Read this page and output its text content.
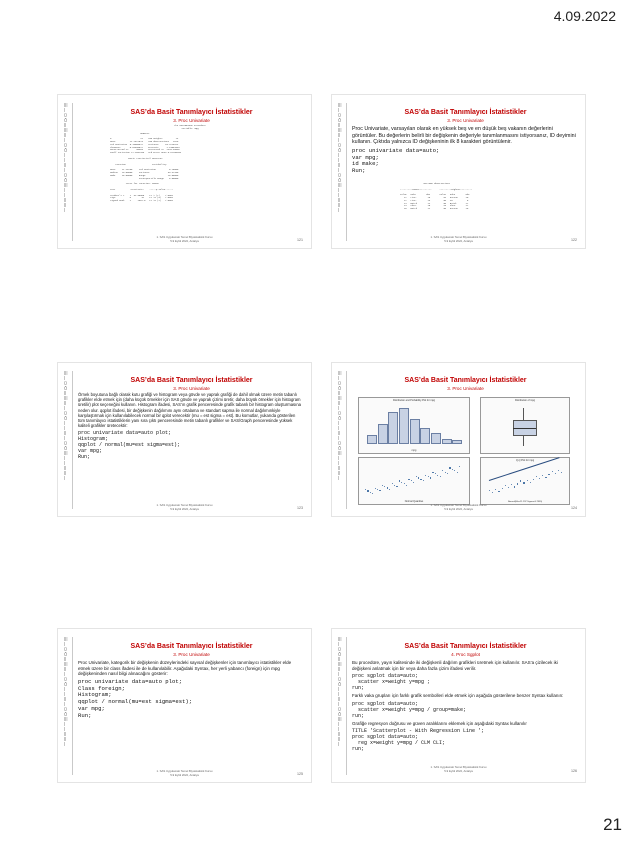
4.09.2022
İİİ
İ
Ü
Ö
İİ
İİİ
İİ
İ
Ü
Ö
İ
İ
İİ
İ
Ü
Ö
İİİ
İ
İ
İİ
İİ
İ
SAS’da Basit Tanımlayıcı İstatistikler
3. Proc Univariate
The UNIVARIATE Procedure
Variable: mpg
Moments

N                      74    Sum Weights          74
Mean           21.2972973    Sum Observations   1576
Std Deviation  5.78550321    Variance     33.4720474
Skewness       0.94936071    Kurtosis      1.13001934
Uncorrected SS      35463    Corrected SS  2443.45946
Coeff Variation 27.1657103   Std Error Mean 0.67255109
Basic Statistical Measures

Location                    Variability

Mean     21.29730     Std Deviation          5.78550
Median   20.00000     Variance              33.47205
Mode     18.00000     Range                 29.00000
Interquartile Range    6.00000
Tests for Location: Mu0=0

Test           -Statistic-    -----p Value------

Student's t    t  31.66555    Pr > |t|    <.0001
Sign           M        37    Pr >= |M|   <.0001
Signed Rank    S     1387.5   Pr >= |S|   <.0001
1. SAS Uygulamalı Temel Biyoistatistik Kursu
5-9 Eylül 2022, Antalya	121
İİİ
İ
Ü
Ö
İİ
İİİ
İİ
İ
Ü
Ö
İ
İ
İİ
İ
Ü
Ö
İİİ
İ
İ
İİ
İİ
İ
SAS’da Basit Tanımlayıcı İstatistikler
3. Proc Univariate

Proc Univariate, varsayılan olarak en yüksek beş ve en düşük beş vakanın değerlerini görüntüler. Bu değerlerin belirli bir değişkenin değeriyle tanımlanmasını istiyorsanız, ID deyimini kullanın. Çıktıda yalnızca ID değişkeninin ilk 8 karakteri görüntülenir.

proc univariate data=auto;
var mpg;
id make;
Run;
Extreme Observations

---------Lowest---------      ---------Highest---------

Value   Make        Obs       Value   Make        Obs
12   Linc.        26          34   Datsun      15
12   Linc.        24          35   VW           8
14   Buick        21          35   Buick       17
14   Chev.        20          28   Chev.       17
15   Buick        22          35   Datsun      29
1. SAS Uygulamalı Temel Biyoistatistik Kursu
5-9 Eylül 2022, Antalya	122
İİİ
İ
Ü
Ö
İİ
İİİ
İİ
İ
Ü
Ö
İ
İ
İİ
İ
Ü
Ö
İİİ
İ
İ
İİ
İİ
İ
SAS’da Basit Tanımlayıcı İstatistikler
3. Proc Univariate

Örnek boyutuna bağlı olarak kutu grafiği ve histogram veya gövde ve yaprak grafiği de dahil olmak üzere metin tabanlı grafikler elde etmek için (daha küçük örnekler için SAS gövde ve yaprak çizimi üretir, daha büyük örnekler için histogram üretilir) plot seçeneğini kullanın. Histogram ifadesi, SAS’ın grafik penceresinde grafik tabanlı bir histogram oluşturmasına neden olur. qqplot ifadesi, bir değişkenin dağılımını aynı ortalama ve standart sapma ile normal dağılımınkiyle karşılaştırmak için kullanılabilecek normal bir qplot verecektir (mu = est sigma = est). Bu komutlar, yukarıda gösterilen tüm tanımlayıcı istatistiklerin yanı sıra çıktı penceresinde metin tabanlı grafikler ve SAS/Graph penceresinde yüksek kaliteli grafikler üretecektir:

proc univariate data=auto plot;
Histogram;
qqplot / normal(mu=est sigma=est);
var mpg;
Run;
1. SAS Uygulamalı Temel Biyoistatistik Kursu
5-9 Eylül 2022, Antalya	123
İİİ
İ
Ü
Ö
İİ
İİİ
İİ
İ
Ü
Ö
İ
İ
İİ
İ
Ü
Ö
İİİ
İ
İ
İİ
İİ
İ
SAS’da Basit Tanımlayıcı İstatistikler
3. Proc Univariate
Distribution and Probability Plot for mpg
mpg
Distribution of mpg
Normal Quantiles
Q-Q Plot for mpg
Normal(Mu=21.297 Sigma=5.7855)
1. SAS Uygulamalı Temel Biyoistatistik Kursu
5-9 Eylül 2022, Antalya	124
İİİ
İ
Ü
Ö
İİ
İİİ
İİ
İ
Ü
Ö
İ
İ
İİ
İ
Ü
Ö
İİİ
İ
İ
İİ
İİ
İ
SAS’da Basit Tanımlayıcı İstatistikler
3. Proc Univariate

Proc Univariate, kategorik bir değişkenin düzeylerindeki sayısal değişkenler için tanımlayıcı istatistikler elde etmek üzere bir class ifadesi ile de kullanılabilir. Aşağıdaki Syntax, her yerli yabancı (foreign) için mpg değişkeninden nasıl bilgi alınacağını gösterir:

proc univariate data=auto plot;
Class foreign;
Histogram;
qqplot / normal(mu=est sigma=est);
var mpg;
Run;
1. SAS Uygulamalı Temel Biyoistatistik Kursu
5-9 Eylül 2022, Antalya	125
İİİ
İ
Ü
Ö
İİ
İİİ
İİ
İ
Ü
Ö
İ
İ
İİ
İ
Ü
Ö
İİİ
İ
İ
İİ
İİ
İ
SAS’da Basit Tanımlayıcı İstatistikler
4. Proc Sgplot

Bu procedüre, yayın kalitesinde iki değişkenli dağılım grafikleri üretmek için kullanılır. SAS’a çizilecek iki değişkeni anlatmak için bir veya daha fazla çizim ifadesi verilir.

proc sgplot data=auto;
scatter x=weight y=mpg ;
run;

Farklı vaka grupları için farklı grafik sembolleri elde etmek için aşağıda gösterilene benzer Syntax kullanın:

proc sgplot data=auto;
scatter x=weight y=mpg / group=make;
run;

Grafiğe regresyon doğrusu ve güven aralıklarını eklemek için aşağıdaki Syntax kullanılır

TITLE 'Scatterplot - With Regression Line ';
proc sgplot data=auto;
reg x=weight y=mpg / CLM CLI;
run;
1. SAS Uygulamalı Temel Biyoistatistik Kursu
5-9 Eylül 2022, Antalya	126
21
